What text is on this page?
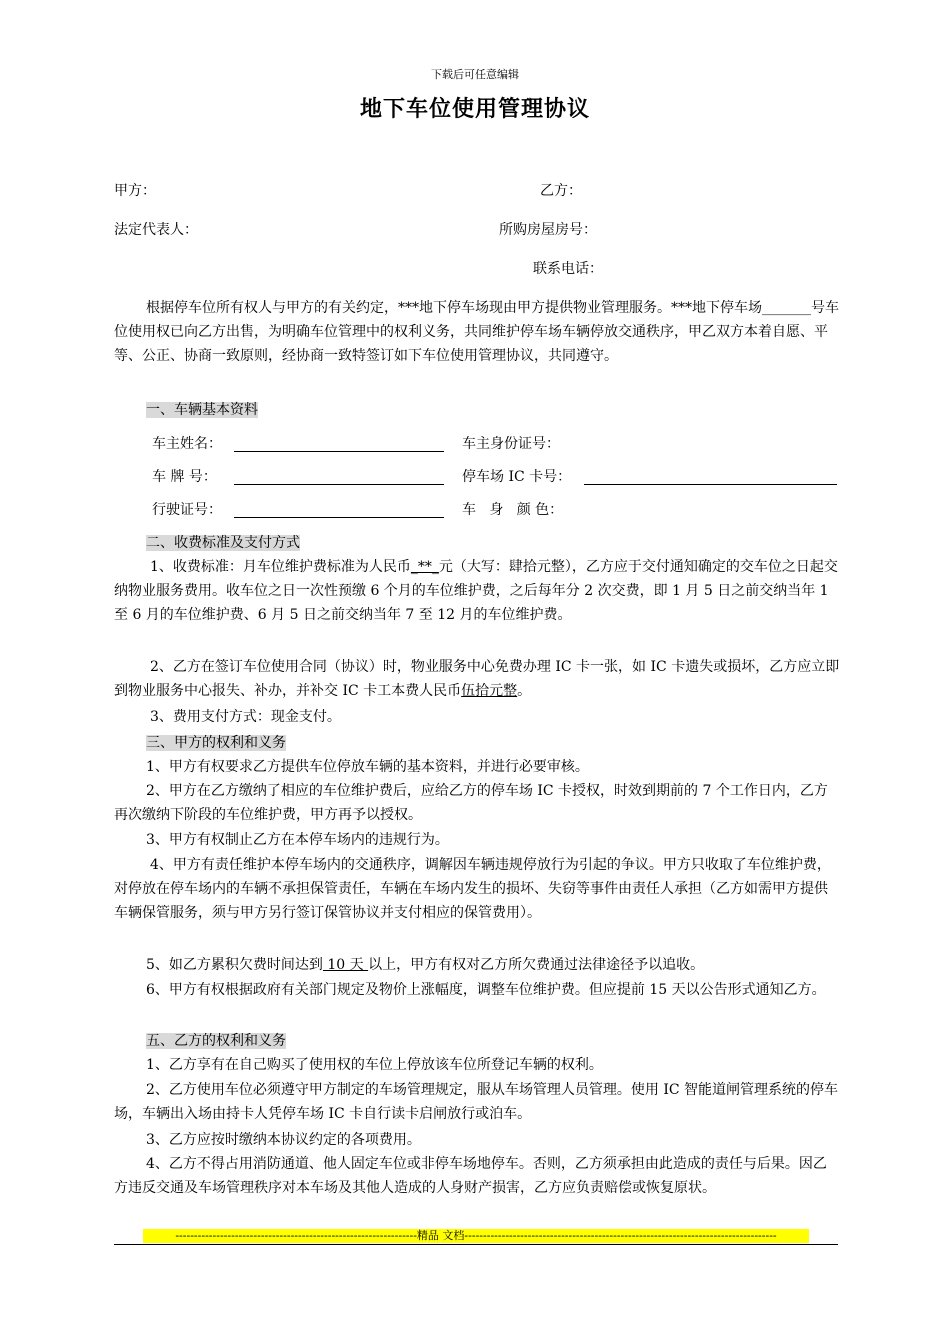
下载后可任意编辑
地下车位使用管理协议
甲方：	乙方：
法定代表人：	所购房屋房号：
联系电话：
根据停车位所有权人与甲方的有关约定，***地下停车场现由甲方提供物业管理服务。***地下停车场_______号车位使用权已向乙方出售，为明确车位管理中的权利义务，共同维护停车场车辆停放交通秩序，甲乙双方本着自愿、平等、公正、协商一致原则，经协商一致特签订如下车位使用管理协议，共同遵守。
一、车辆基本资料
车主姓名：	车主身份证号：
车 牌 号：	停车场 IC 卡号：
行驶证号：	车   身   颜 色：
二、收费标准及支付方式
1、收费标准：月车位维护费标准为人民币_**_元（大写：肆拾元整），乙方应于交付通知确定的交车位之日起交纳物业服务费用。收车位之日一次性预缴 6 个月的车位维护费，之后每年分 2 次交费，即 1 月 5 日之前交纳当年 1 至 6 月的车位维护费、6 月 5 日之前交纳当年 7 至 12 月的车位维护费。
2、乙方在签订车位使用合同（协议）时，物业服务中心免费办理 IC 卡一张，如 IC 卡遗失或损坏，乙方应立即到物业服务中心报失、补办，并补交 IC 卡工本费人民币伍拾元整。
3、费用支付方式：现金支付。
三、甲方的权利和义务
1、甲方有权要求乙方提供车位停放车辆的基本资料，并进行必要审核。
2、甲方在乙方缴纳了相应的车位维护费后，应给乙方的停车场 IC 卡授权，时效到期前的 7 个工作日内，乙方再次缴纳下阶段的车位维护费，甲方再予以授权。
3、甲方有权制止乙方在本停车场内的违规行为。
4、甲方有责任维护本停车场内的交通秩序，调解因车辆违规停放行为引起的争议。甲方只收取了车位维护费，对停放在停车场内的车辆不承担保管责任，车辆在车场内发生的损坏、失窃等事件由责任人承担（乙方如需甲方提供车辆保管服务，须与甲方另行签订保管协议并支付相应的保管费用）。
5、如乙方累积欠费时间达到 10 天 以上，甲方有权对乙方所欠费通过法律途径予以追收。
6、甲方有权根据政府有关部门规定及物价上涨幅度，调整车位维护费。但应提前 15 天以公告形式通知乙方。
五、乙方的权利和义务
1、乙方享有在自己购买了使用权的车位上停放该车位所登记车辆的权利。
2、乙方使用车位必须遵守甲方制定的车场管理规定，服从车场管理人员管理。使用 IC 智能道闸管理系统的停车场，车辆出入场由持卡人凭停车场 IC 卡自行读卡启闸放行或泊车。
3、乙方应按时缴纳本协议约定的各项费用。
4、乙方不得占用消防通道、他人固定车位或非停车场地停车。否则，乙方须承担由此造成的责任与后果。因乙方违反交通及车场管理秩序对本车场及其他人造成的人身财产损害，乙方应负责赔偿或恢复原状。
-----------------------------------------------------------------精品 文档------------------------------------------------------------------------------------
